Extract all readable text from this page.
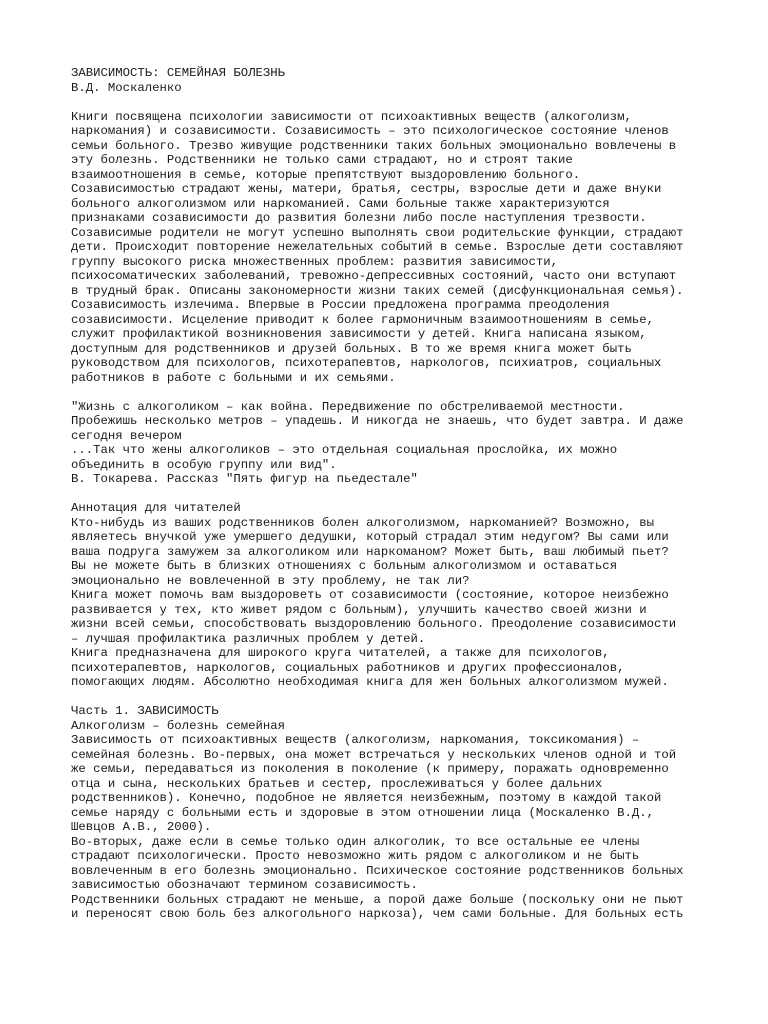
ЗАВИСИМОСТЬ: СЕМЕЙНАЯ БОЛЕЗНЬ
В.Д. Москаленко
Книги посвящена психологии зависимости от психоактивных веществ (алкоголизм,
наркомания) и созависимости. Созависимость – это психологическое состояние членов
семьи больного. Трезво живущие родственники таких больных эмоционально вовлечены в
эту болезнь. Родственники не только сами страдают, но и строят такие
взаимоотношения в семье, которые препятствуют выздоровлению больного.
Созависимостью страдают жены, матери, братья, сестры, взрослые дети и даже внуки
больного алкоголизмом или наркоманией. Сами больные также характеризуются
признаками созависимости до развития болезни либо после наступления трезвости.
Созависимые родители не могут успешно выполнять свои родительские функции, страдают
дети. Происходит повторение нежелательных событий в семье. Взрослые дети составляют
группу высокого риска множественных проблем: развития зависимости,
психосоматических заболеваний, тревожно-депрессивных состояний, часто они вступают
в трудный брак. Описаны закономерности жизни таких семей (дисфункциональная семья).
Созависимость излечима. Впервые в России предложена программа преодоления
созависимости. Исцеление приводит к более гармоничным взаимоотношениям в семье,
служит профилактикой возникновения зависимости у детей. Книга написана языком,
доступным для родственников и друзей больных. В то же время книга может быть
руководством для психологов, психотерапевтов, наркологов, психиатров, социальных
работников в работе с больными и их семьями.
"Жизнь с алкоголиком – как война. Передвижение по обстреливаемой местности.
Пробежишь несколько метров – упадешь. И никогда не знаешь, что будет завтра. И даже
сегодня вечером
...Так что жены алкоголиков – это отдельная социальная прослойка, их можно
объединить в особую группу или вид".
В. Токарева. Рассказ "Пять фигур на пьедестале"
Аннотация для читателей
Кто-нибудь из ваших родственников болен алкоголизмом, наркоманией? Возможно, вы
являетесь внучкой уже умершего дедушки, который страдал этим недугом? Вы сами или
ваша подруга замужем за алкоголиком или наркоманом? Может быть, ваш любимый пьет?
Вы не можете быть в близких отношениях с больным алкоголизмом и оставаться
эмоционально не вовлеченной в эту проблему, не так ли?
Книга может помочь вам выздороветь от созависимости (состояние, которое неизбежно
развивается у тех, кто живет рядом с больным), улучшить качество своей жизни и
жизни всей семьи, способствовать выздоровлению больного. Преодоление созависимости
– лучшая профилактика различных проблем у детей.
Книга предназначена для широкого круга читателей, а также для психологов,
психотерапевтов, наркологов, социальных работников и других профессионалов,
помогающих людям. Абсолютно необходимая книга для жен больных алкоголизмом мужей.
Часть 1. ЗАВИСИМОСТЬ
Алкоголизм – болезнь семейная
Зависимость от психоактивных веществ (алкоголизм, наркомания, токсикомания) –
семейная болезнь. Во-первых, она может встречаться у нескольких членов одной и той
же семьи, передаваться из поколения в поколение (к примеру, поражать одновременно
отца и сына, нескольких братьев и сестер, прослеживаться у более дальних
родственников). Конечно, подобное не является неизбежным, поэтому в каждой такой
семье наряду с больными есть и здоровые в этом отношении лица (Москаленко В.Д.,
Шевцов А.В., 2000).
Во-вторых, даже если в семье только один алкоголик, то все остальные ее члены
страдают психологически. Просто невозможно жить рядом с алкоголиком и не быть
вовлеченным в его болезнь эмоционально. Психическое состояние родственников больных
зависимостью обозначают термином созависимость.
Родственники больных страдают не меньше, а порой даже больше (поскольку они не пьют
и переносят свою боль без алкогольного наркоза), чем сами больные. Для больных есть
